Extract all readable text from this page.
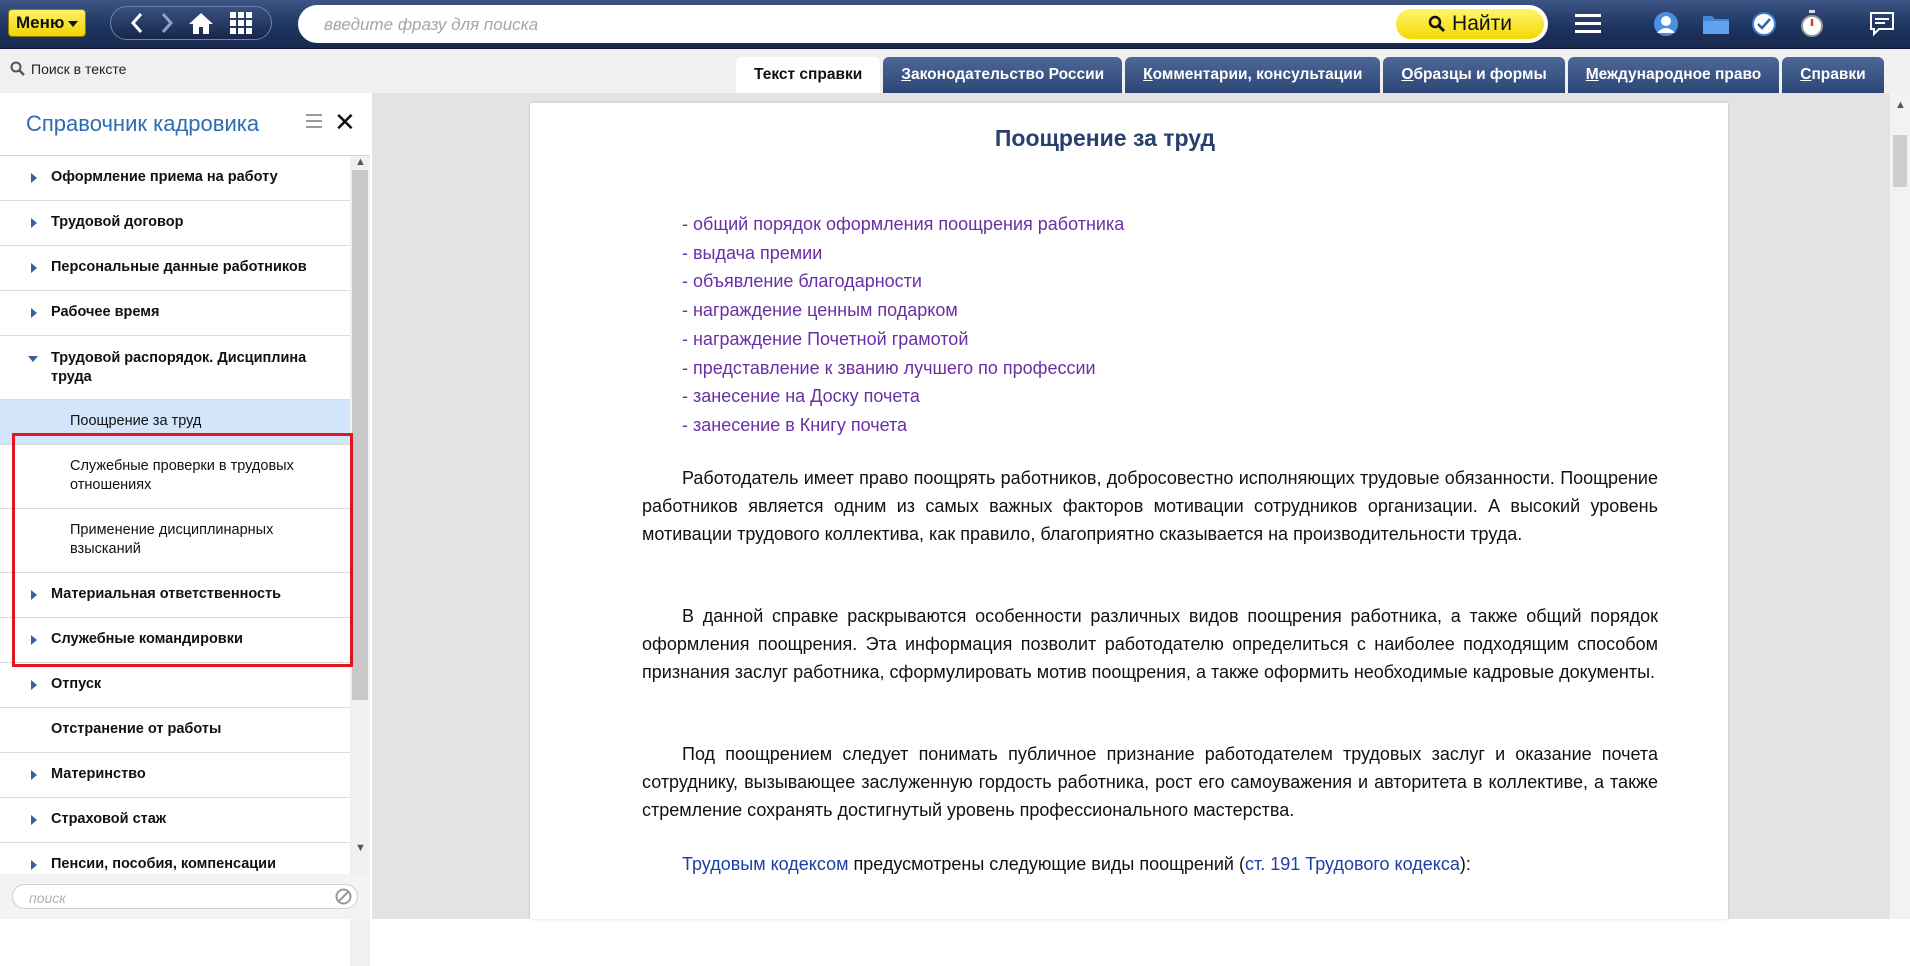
Меню
введите фразу для поиска	Найти
Поиск в тексте	Текст справки	З аконодательство России	К омментарии, консультации	О бразцы и формы	М еждународное право	С правки
Справочник кадровика	✕
Оформление приема на работу
Трудовой договор
Персональные данные работников
Рабочее время
Трудовой распорядок. Дисциплина
труда
Поощрение за труд
Служебные проверки в трудовых
отношениях
Применение дисциплинарных
взысканий
Материальная ответственность
Служебные командировки
Отпуск
Отстранение от работы
Материнство
Страховой стаж
Пенсии, пособия, компенсации
▲
▼
поиск
Поощрение за труд
- общий порядок оформления поощрения работника
- выдача премии
- объявление благодарности
- награждение ценным подарком
- награждение Почетной грамотой
- представление к званию лучшего по профессии
- занесение на Доску почета
- занесение в Книгу почета
Работодатель имеет право поощрять работников, добросовестно исполняющих трудовые обязанности. Поощрение работников является одним из самых важных факторов мотивации сотрудников организации. А высокий уровень мотивации трудового коллектива, как правило, благоприятно сказывается на производительности труда.
В данной справке раскрываются особенности различных видов поощрения работника, а также общий порядок оформления поощрения. Эта информация позволит работодателю определиться с наиболее подходящим способом признания заслуг работника, сформулировать мотив поощрения, а также оформить необходимые кадровые документы.
Под поощрением следует понимать публичное признание работодателем трудовых заслуг и оказание почета сотруднику, вызывающее заслуженную гордость работника, рост его самоуважения и авторитета в коллективе, а также стремление сохранять достигнутый уровень профессионального мастерства.
Трудовым кодексом предусмотрены следующие виды поощрений (ст. 191 Трудового кодекса):
▲
